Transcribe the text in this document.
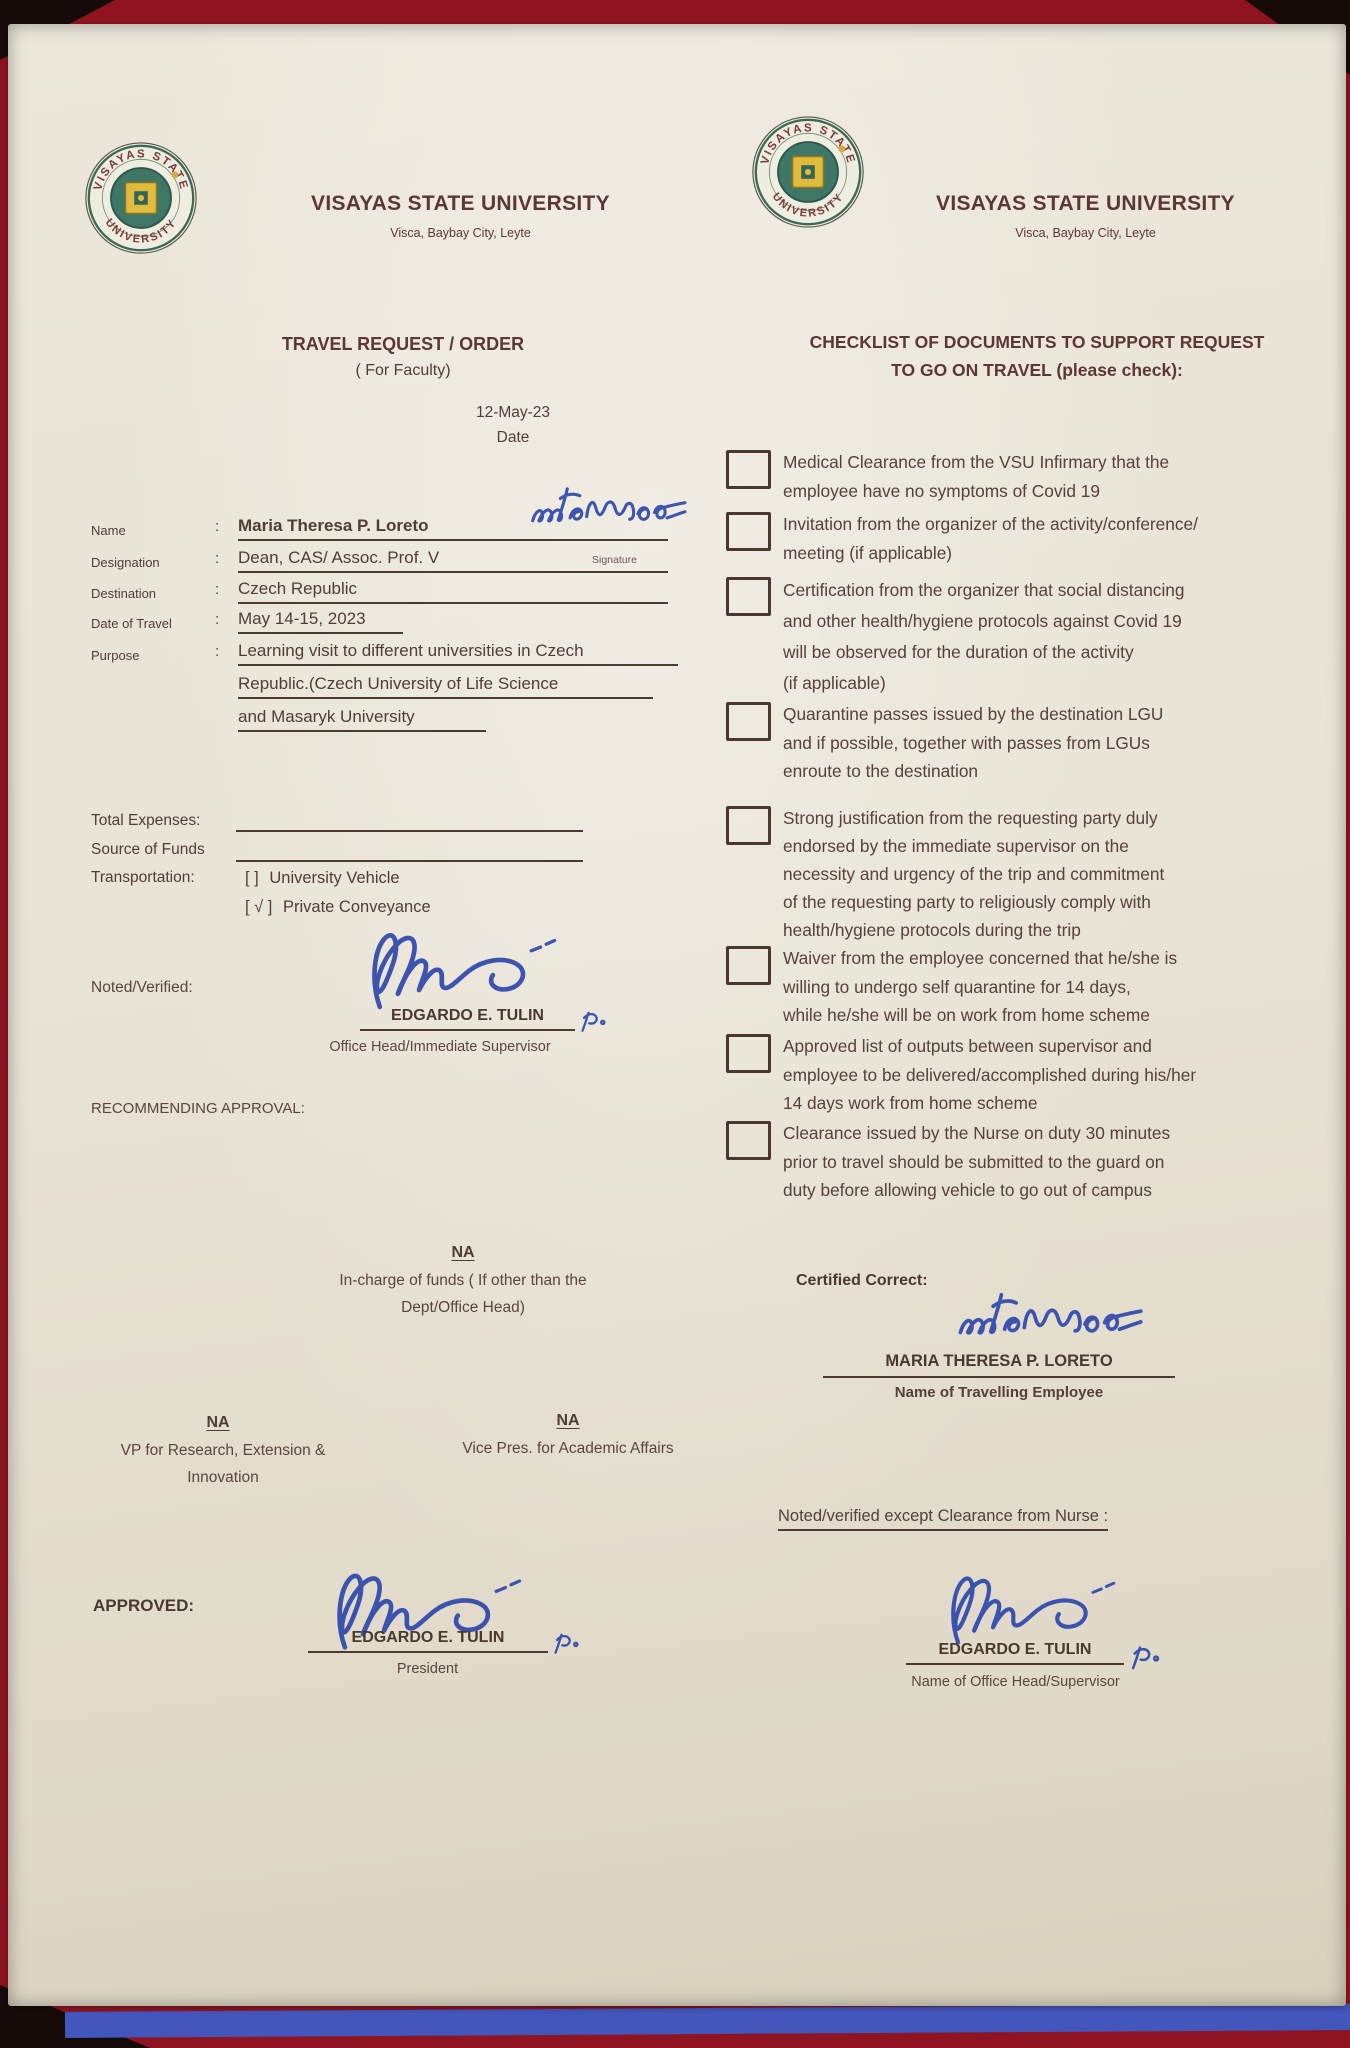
VISAYAS STATE UNIVERSITY
Visca, Baybay City, Leyte
VISAYAS STATE UNIVERSITY
Visca, Baybay City, Leyte
TRAVEL REQUEST / ORDER
( For Faculty)
12-May-23
Date
Name	: Maria Theresa P. Loreto
Signature
Designation	: Dean, CAS/ Assoc. Prof. V
Destination	: Czech Republic
Date of Travel	: May 14-15, 2023
Purpose	: Learning visit to different universities in Czech
Republic.(Czech University of Life Science
and Masaryk University
Total Expenses:
Source of Funds
Transportation:	[ ] University Vehicle
[ √ ] Private Conveyance
Noted/Verified:
EDGARDO E. TULIN
Office Head/Immediate Supervisor
RECOMMENDING APPROVAL:
NA
In-charge of funds ( If other than the
Dept/Office Head)
NA
VP for Research, Extension &
Innovation
NA
Vice Pres. for Academic Affairs
APPROVED:
EDGARDO E. TULIN
President
CHECKLIST OF DOCUMENTS TO SUPPORT REQUEST
TO GO ON TRAVEL (please check):
Medical Clearance from the VSU Infirmary that the
employee have no symptoms of Covid 19
Invitation from the organizer of the activity/conference/
meeting (if applicable)
Certification from the organizer that social distancing
and other health/hygiene protocols against Covid 19
will be observed for the duration of the activity
(if applicable)
Quarantine passes issued by the destination LGU
and if possible, together with passes from LGUs
enroute to the destination
Strong justification from the requesting party duly
endorsed by the immediate supervisor on the
necessity and urgency of the trip and commitment
of the requesting party to religiously comply with
health/hygiene protocols during the trip
Waiver from the employee concerned that he/she is
willing to undergo self quarantine for 14 days,
while he/she will be on work from home scheme
Approved list of outputs between supervisor and
employee to be delivered/accomplished during his/her
14 days work from home scheme
Clearance issued by the Nurse on duty 30 minutes
prior to travel should be submitted to the guard on
duty before allowing vehicle to go out of campus
Certified Correct:
MARIA THERESA P. LORETO
Name of Travelling Employee
Noted/verified except Clearance from Nurse :
EDGARDO E. TULIN
Name of Office Head/Supervisor
